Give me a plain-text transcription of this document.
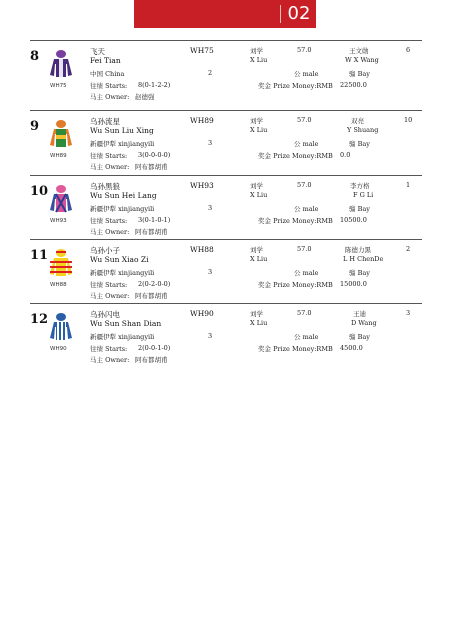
02
8
WH75
飞天
Fei Tian
中国 China
往绩 Starts: 8(0-1-2-2)
马主 Owner: 赵德强
WH75
2
刘学
X Liu
57.0
公 male
奖金 Prize Money:RMB 22500.0
王文勋
W X Wang
骝 Bay
6
9
WH89
乌孙流星
Wu Sun Liu Xing
新疆伊犁 xinjiangyili
往绩 Starts: 3(0-0-0-0)
马主 Owner: 阿布都胡甫
WH89
3
刘学
X Liu
57.0
公 male
奖金 Prize Money:RMB 0.0
双亮
Y Shuang
骝 Bay
10
10
WH93
乌孙黑狼
Wu Sun Hei Lang
新疆伊犁 xinjiangyili
往绩 Starts: 3(0-1-0-1)
马主 Owner: 阿布都胡甫
WH93
3
刘学
X Liu
57.0
公 male
奖金 Prize Money:RMB 10500.0
李方格
F G Li
骝 Bay
1
11
WH88
乌孙小子
Wu Sun Xiao Zi
新疆伊犁 xinjiangyili
往绩 Starts: 2(0-2-0-0)
马主 Owner: 阿布都胡甫
WH88
3
刘学
X Liu
57.0
公 male
奖金 Prize Money:RMB 15000.0
陈德力黑
L H ChenDe
骝 Bay
2
12
WH90
乌孙闪电
Wu Sun Shan Dian
新疆伊犁 xinjiangyili
往绩 Starts: 2(0-0-1-0)
马主 Owner: 阿布都胡甫
WH90
3
刘学
X Liu
57.0
公 male
奖金 Prize Money:RMB 4500.0
王迪
D Wang
骝 Bay
3
